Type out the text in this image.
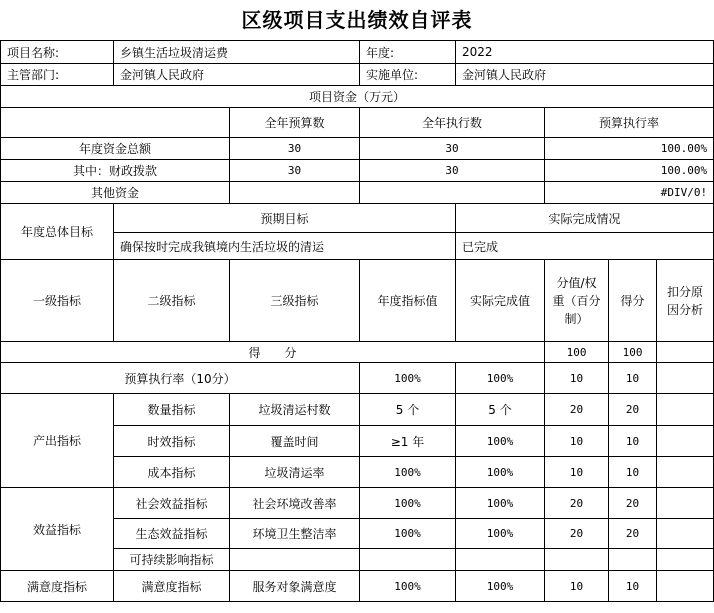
区级项目支出绩效自评表
项目名称:	乡镇生活垃圾清运费		年度:	2022			
主管部门:	金河镇人民政府		实施单位:	金河镇人民政府			
项目资金（万元）							
		全年预算数	全年执行数		预算执行率		
年度资金总额		30	30		100.00%		
其中：财政拨款		30	30		100.00%		
其他资金					#DIV/0!		
年度总体目标	预期目标			实际完成情况			
	确保按时完成我镇境内生活垃圾的清运			已完成			
一级指标	二级指标	三级指标	年度指标值	实际完成值	分值/权重（百分制）	得分	扣分原因分析
得　　分					100	100	
预算执行率（10分）			100%	100%	10	10	
产出指标	数量指标	垃圾清运村数	5 个	5 个	20	20	
	时效指标	覆盖时间	≥1 年	100%	10	10	
	成本指标	垃圾清运率	100%	100%	10	10	
效益指标	社会效益指标	社会环境改善率	100%	100%	20	20	
	生态效益指标	环境卫生整洁率	100%	100%	20	20	
	可持续影响指标						
满意度指标	满意度指标	服务对象满意度	100%	100%	10	10	
